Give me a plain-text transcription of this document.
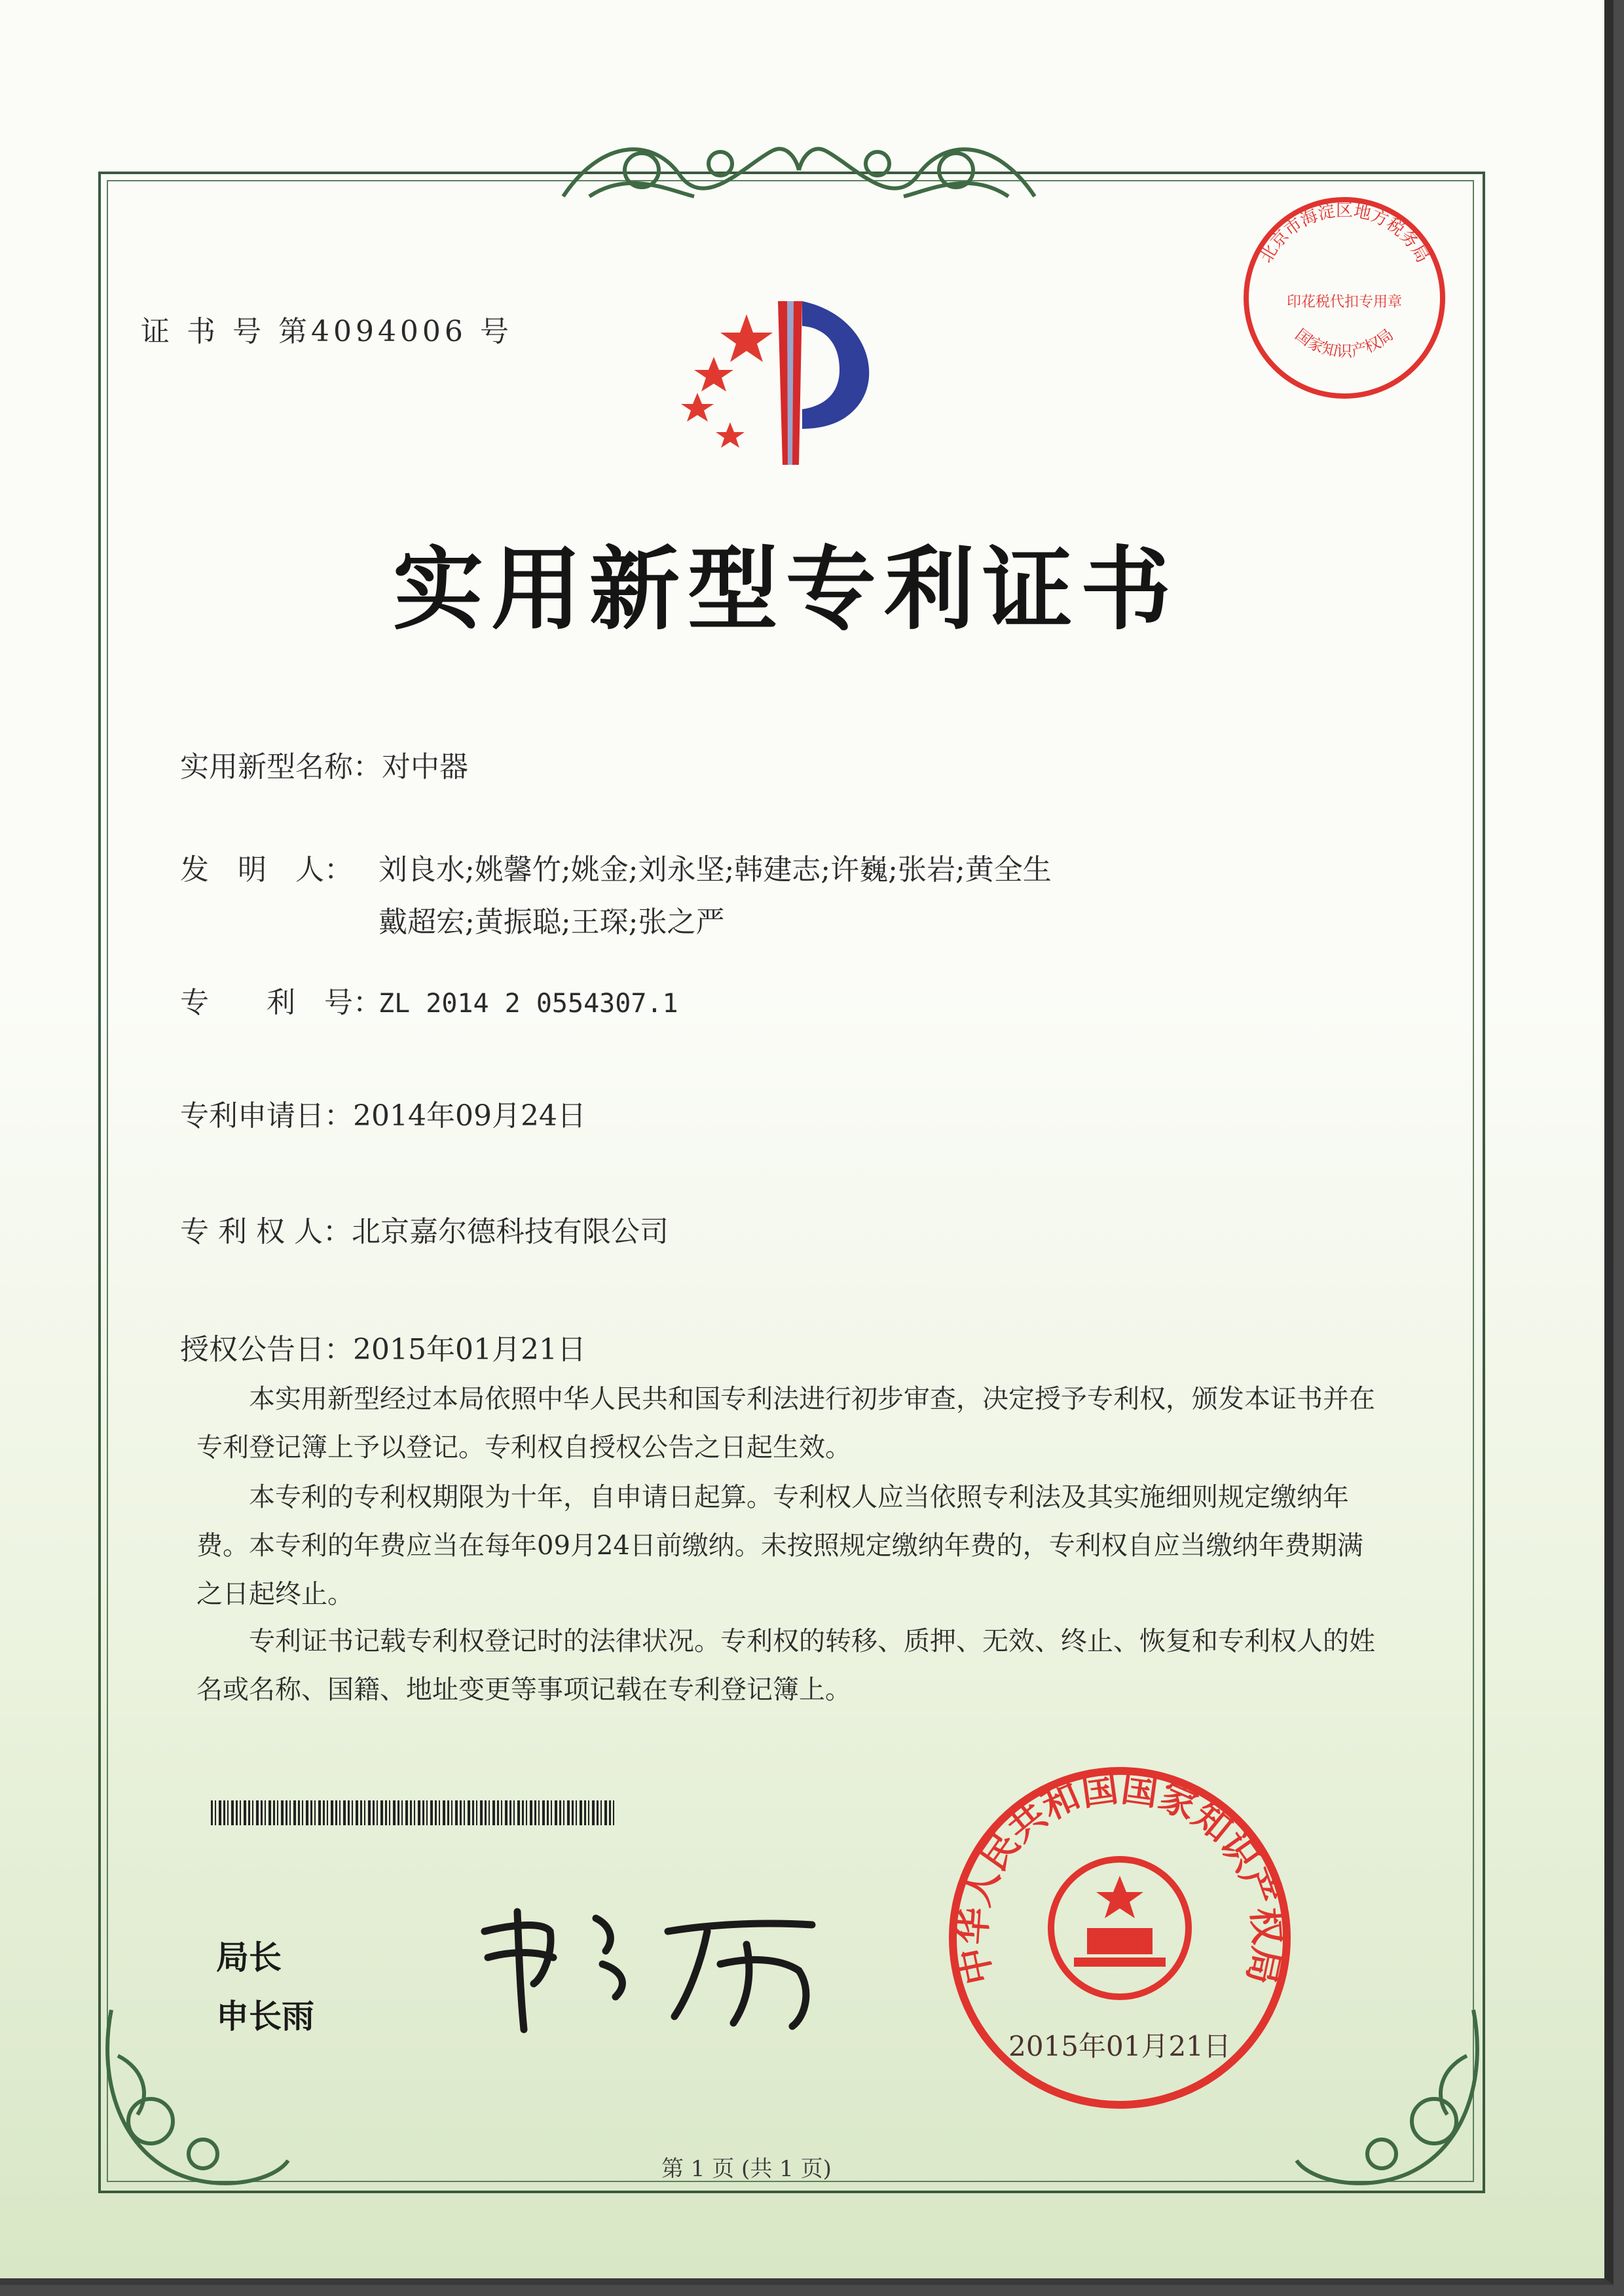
证 书 号 第4094006 号
北京市海淀区地方税务局
国家知识产权局
印花税代扣专用章
实用新型专利证书
实用新型名称：对中器
发　明　人： 刘良水;姚馨竹;姚金;刘永坚;韩建志;许巍;张岩;黄全生
戴超宏;黄振聪;王琛;张之严
专　　利　号：ZL 2014 2 0554307.1
专利申请日：2014年09月24日
专 利 权 人：北京嘉尔德科技有限公司
授权公告日：2015年01月21日
本实用新型经过本局依照中华人民共和国专利法进行初步审查，决定授予专利权，颁发本证书并在专利登记簿上予以登记。专利权自授权公告之日起生效。
本专利的专利权期限为十年，自申请日起算。专利权人应当依照专利法及其实施细则规定缴纳年费。本专利的年费应当在每年09月24日前缴纳。未按照规定缴纳年费的，专利权自应当缴纳年费期满之日起终止。
专利证书记载专利权登记时的法律状况。专利权的转移、质押、无效、终止、恢复和专利权人的姓名或名称、国籍、地址变更等事项记载在专利登记簿上。
局长
申长雨
中华人民共和国国家知识产权局
2015年01月21日
第 1 页 (共 1 页)
